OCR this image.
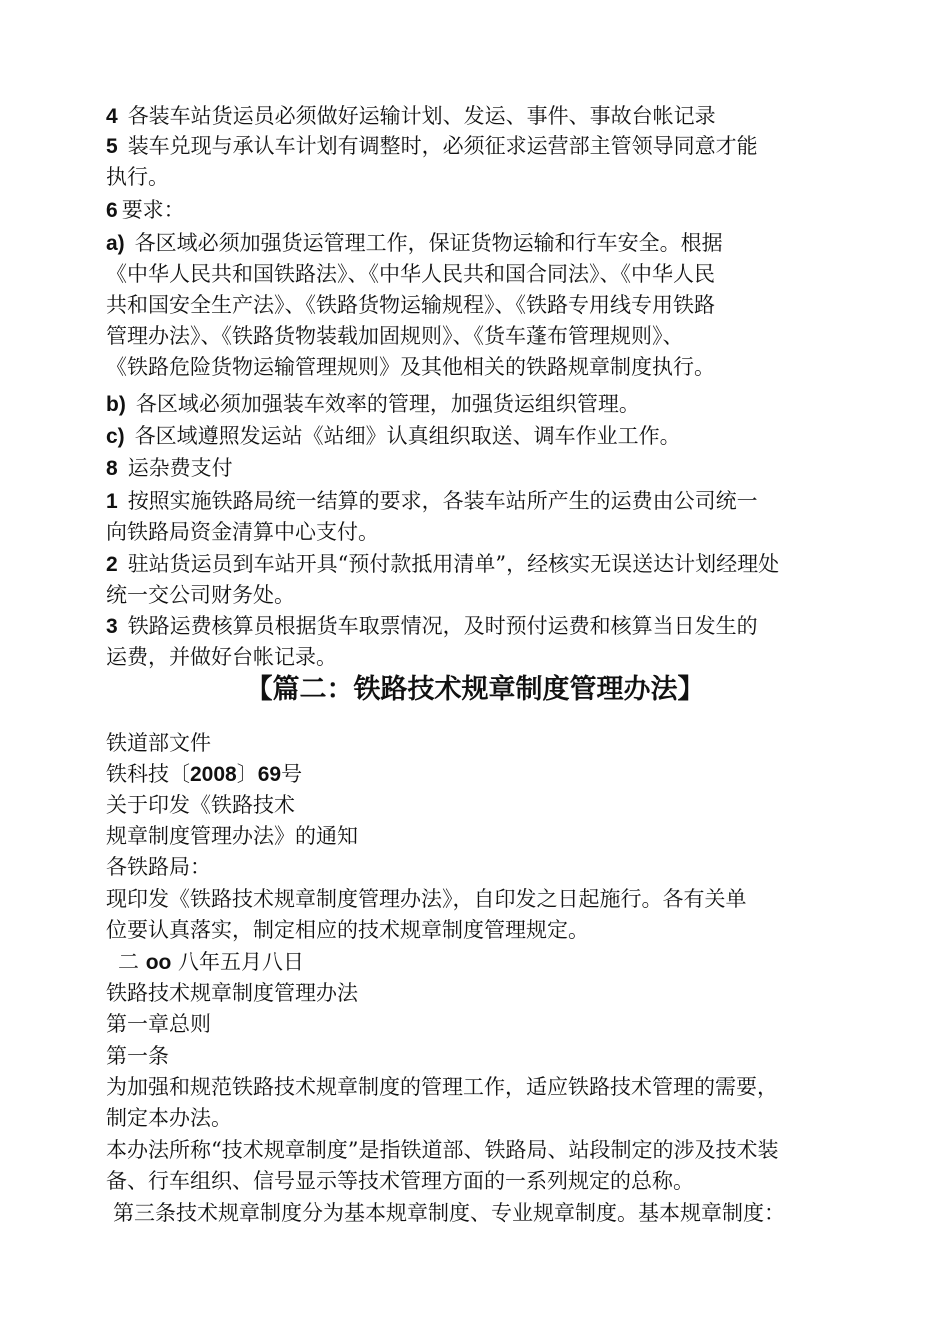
4 各装车站货运员必须做好运输计划、发运、事件、事故台帐记录

5 装车兑现与承认车计划有调整时，必须征求运营部主管领导同意才能

执行。

6 要求：

a) 各区域必须加强货运管理工作，保证货物运输和行车安全。根据

《中华人民共和国铁路法》、《中华人民共和国合同法》、《中华人民

共和国安全生产法》、《铁路货物运输规程》、《铁路专用线专用铁路

管理办法》、《铁路货物装载加固规则》、《货车蓬布管理规则》、

《铁路危险货物运输管理规则》及其他相关的铁路规章制度执行。

b) 各区域必须加强装车效率的管理，加强货运组织管理。

c) 各区域遵照发运站《站细》认真组织取送、调车作业工作。

8 运杂费支付

1 按照实施铁路局统一结算的要求，各装车站所产生的运费由公司统一

向铁路局资金清算中心支付。

2 驻站货运员到车站开具“预付款抵用清单”，经核实无误送达计划经理处

统一交公司财务处。

3 铁路运费核算员根据货车取票情况，及时预付运费和核算当日发生的

运费，并做好台帐记录。

【篇二：铁路技术规章制度管理办法】

铁道部文件

铁科技〔2008〕69号

关于印发《铁路技术

规章制度管理办法》的通知

各铁路局：

现印发《铁路技术规章制度管理办法》，自印发之日起施行。各有关单

位要认真落实，制定相应的技术规章制度管理规定。

二 oo 八年五月八日

铁路技术规章制度管理办法

第一章总则

第一条

为加强和规范铁路技术规章制度的管理工作，适应铁路技术管理的需要，

制定本办法。

本办法所称“技术规章制度”是指铁道部、铁路局、站段制定的涉及技术装

备、行车组织、信号显示等技术管理方面的一系列规定的总称。

第三条技术规章制度分为基本规章制度、专业规章制度。基本规章制度：
